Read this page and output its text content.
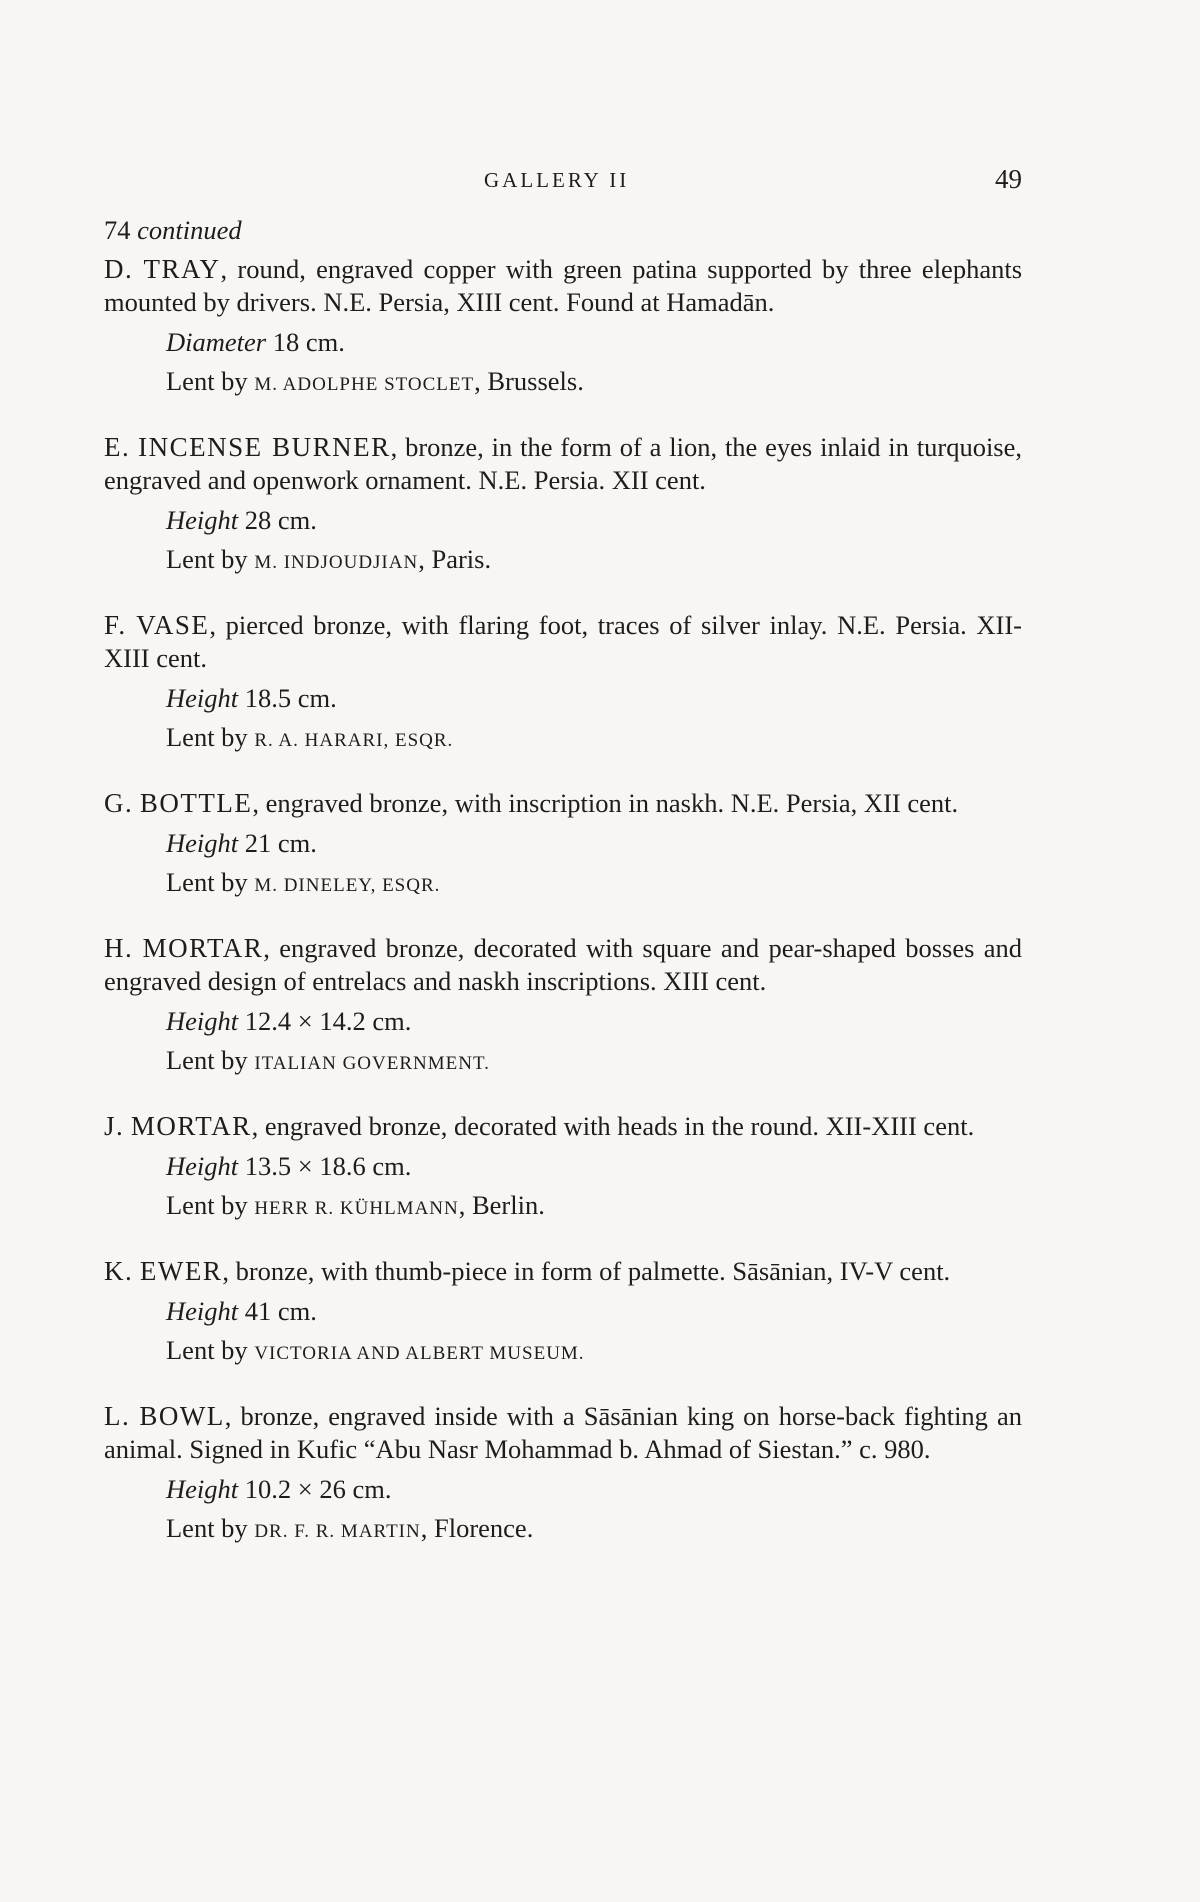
GALLERY II	49

74 continued

D. TRAY, round, engraved copper with green patina supported by three elephants mounted by drivers. N.E. Persia, XIII cent. Found at Hamadān.

Diameter 18 cm.

Lent by M. ADOLPHE STOCLET, Brussels.

E. INCENSE BURNER, bronze, in the form of a lion, the eyes inlaid in turquoise, engraved and openwork ornament. N.E. Persia. XII cent.

Height 28 cm.

Lent by M. INDJOUDJIAN, Paris.

F. VASE, pierced bronze, with flaring foot, traces of silver inlay. N.E. Persia. XII-XIII cent.

Height 18.5 cm.

Lent by R. A. HARARI, ESQR.

G. BOTTLE, engraved bronze, with inscription in naskh. N.E. Persia, XII cent.

Height 21 cm.

Lent by M. DINELEY, ESQR.

H. MORTAR, engraved bronze, decorated with square and pear-shaped bosses and engraved design of entrelacs and naskh inscriptions. XIII cent.

Height 12.4 × 14.2 cm.

Lent by ITALIAN GOVERNMENT.

J. MORTAR, engraved bronze, decorated with heads in the round. XII-XIII cent.

Height 13.5 × 18.6 cm.

Lent by HERR R. KÜHLMANN, Berlin.

K. EWER, bronze, with thumb-piece in form of palmette. Sāsānian, IV-V cent.

Height 41 cm.

Lent by VICTORIA AND ALBERT MUSEUM.

L. BOWL, bronze, engraved inside with a Sāsānian king on horse-back fighting an animal. Signed in Kufic “Abu Nasr Mohammad b. Ahmad of Siestan.” c. 980.

Height 10.2 × 26 cm.

Lent by DR. F. R. MARTIN, Florence.
